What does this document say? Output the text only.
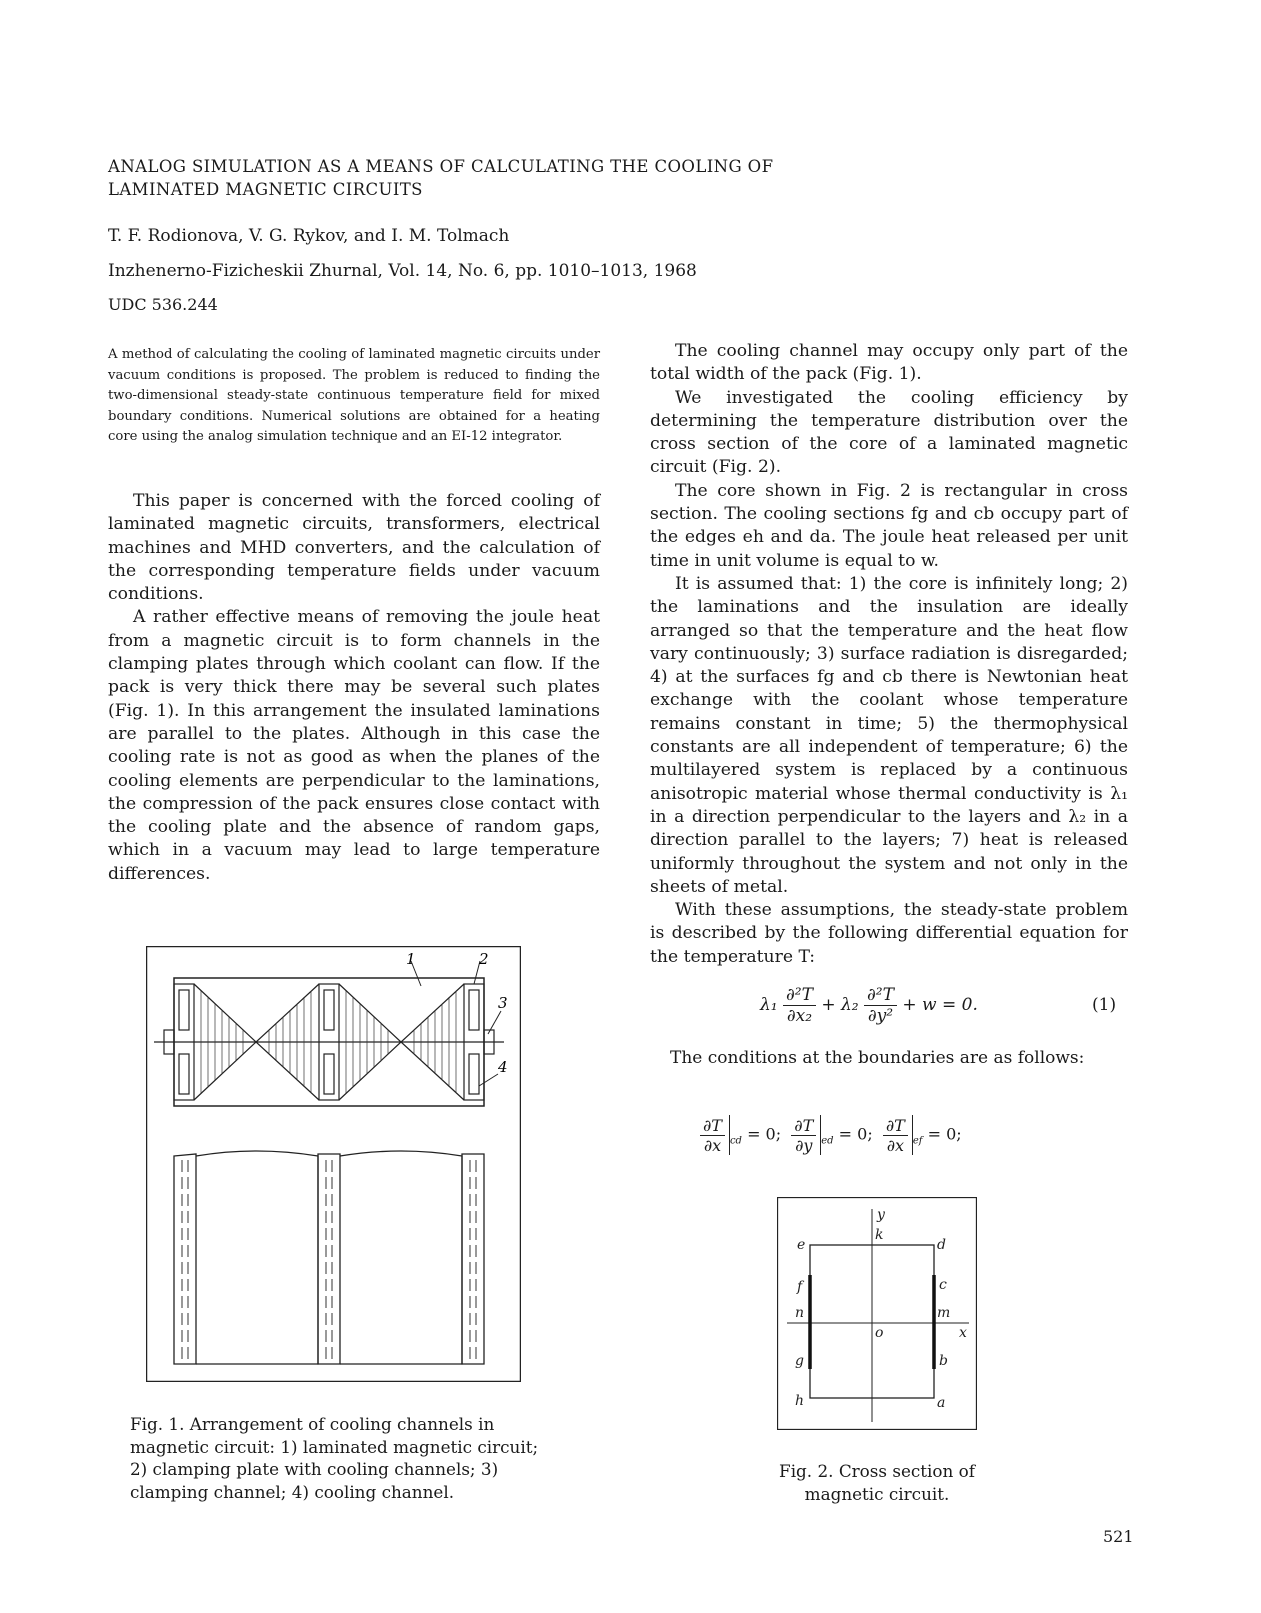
ANALOG SIMULATION AS A MEANS OF CALCULATING THE COOLING OF
LAMINATED MAGNETIC CIRCUITS
T. F. Rodionova, V. G. Rykov, and I. M. Tolmach
Inzhenerno-Fizicheskii Zhurnal, Vol. 14, No. 6, pp. 1010–1013, 1968
UDC 536.244
A method of calculating the cooling of laminated magnetic circuits under vacuum conditions is proposed. The problem is reduced to finding the two-dimensional steady-state continuous temperature field for mixed boundary conditions. Numerical solutions are obtained for a heating core using the analog simulation technique and an EI-12 integrator.

This paper is concerned with the forced cooling of laminated magnetic circuits, transformers, electrical machines and MHD converters, and the calculation of the corresponding temperature fields under vacuum conditions.

A rather effective means of removing the joule heat from a magnetic circuit is to form channels in the clamping plates through which coolant can flow. If the pack is very thick there may be several such plates (Fig. 1). In this arrangement the insulated laminations are parallel to the plates. Although in this case the cooling rate is not as good as when the planes of the cooling elements are perpendicular to the laminations, the compression of the pack ensures close contact with the cooling plate and the absence of random gaps, which in a vacuum may lead to large temperature differences.

The cooling channel may occupy only part of the total width of the pack (Fig. 1).

We investigated the cooling efficiency by determining the temperature distribution over the cross section of the core of a laminated magnetic circuit (Fig. 2).

The core shown in Fig. 2 is rectangular in cross section. The cooling sections fg and cb occupy part of the edges eh and da. The joule heat released per unit time in unit volume is equal to w.

It is assumed that: 1) the core is infinitely long; 2) the laminations and the insulation are ideally arranged so that the temperature and the heat flow vary continuously; 3) surface radiation is disregarded; 4) at the surfaces fg and cb there is Newtonian heat exchange with the coolant whose temperature remains constant in time; 5) the thermophysical constants are all independent of temperature; 6) the multilayered system is replaced by a continuous anisotropic material whose thermal conductivity is λ₁ in a direction perpendicular to the layers and λ₂ in a direction parallel to the layers; 7) heat is released uniformly throughout the system and not only in the sheets of metal.

With these assumptions, the steady-state problem is described by the following differential equation for the temperature T:

$\lambda_1 \frac{\text{∂²T}}{\text{∂x₂}} + \lambda_2 \frac{\text{∂²T}}{\text{∂y²}} + w = 0$.	(1)
The conditions at the boundaries are as follows:
$\frac{\partial T}{\partial x} _{cd} = 0$; $\frac{\partial T}{\partial y} _{ed} = 0$; $\frac{\partial T}{\partial x} _{ef} = 0$;
1	2
3
4
Fig. 1. Arrangement of cooling channels in magnetic circuit: 1) laminated magnetic circuit; 2) clamping plate with cooling channels; 3) clamping channel; 4) cooling channel.
y
k
e	d
f	c
n	m
o	x
g	b
h	a
Fig. 2. Cross section of magnetic circuit.
521
